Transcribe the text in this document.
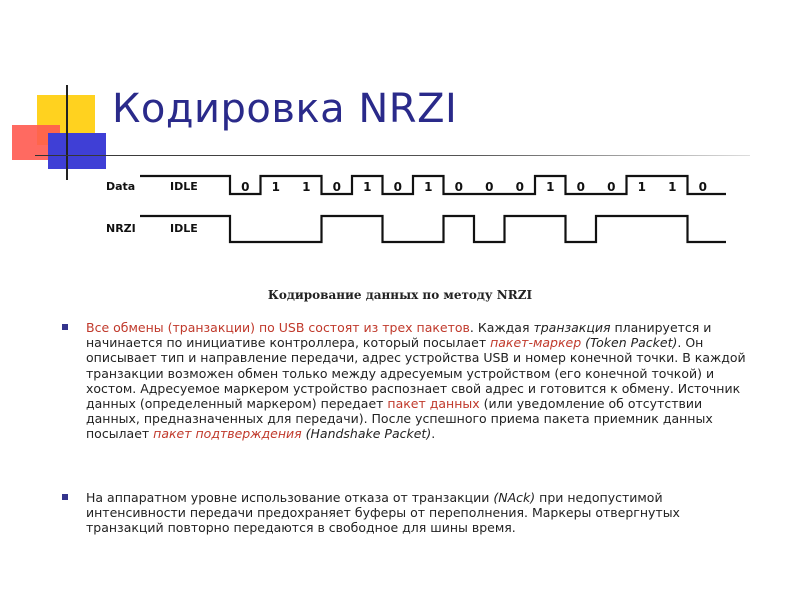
Кодировка NRZI
Data
NRZI
IDLE
IDLE
0 1 1 0 1 0 1 0 0 0 1 0 0 1 1 0
Кодирование данных по методу NRZI
Все обмены (транзакции) по USB состоят из трех пакетов. Каждая транзакция планируется и начинается по инициативе контроллера, который посылает пакет-маркер (Token Packet). Он описывает тип и направление передачи, адрес устройства USB и номер конечной точки. В каждой транзакции возможен обмен только между адресуемым устройством (его конечной точкой) и хостом. Адресуемое маркером устройство распознает свой адрес и готовится к обмену. Источник данных (определенный маркером) передает пакет данных (или уведомление об отсутствии данных, предназначенных для передачи). После успешного приема пакета приемник данных посылает пакет подтверждения (Handshake Packet).
На аппаратном уровне использование отказа от транзакции (NAck) при недопустимой интенсивности передачи предохраняет буферы от переполнения. Маркеры отвергнутых транзакций повторно передаются в свободное для шины время.
